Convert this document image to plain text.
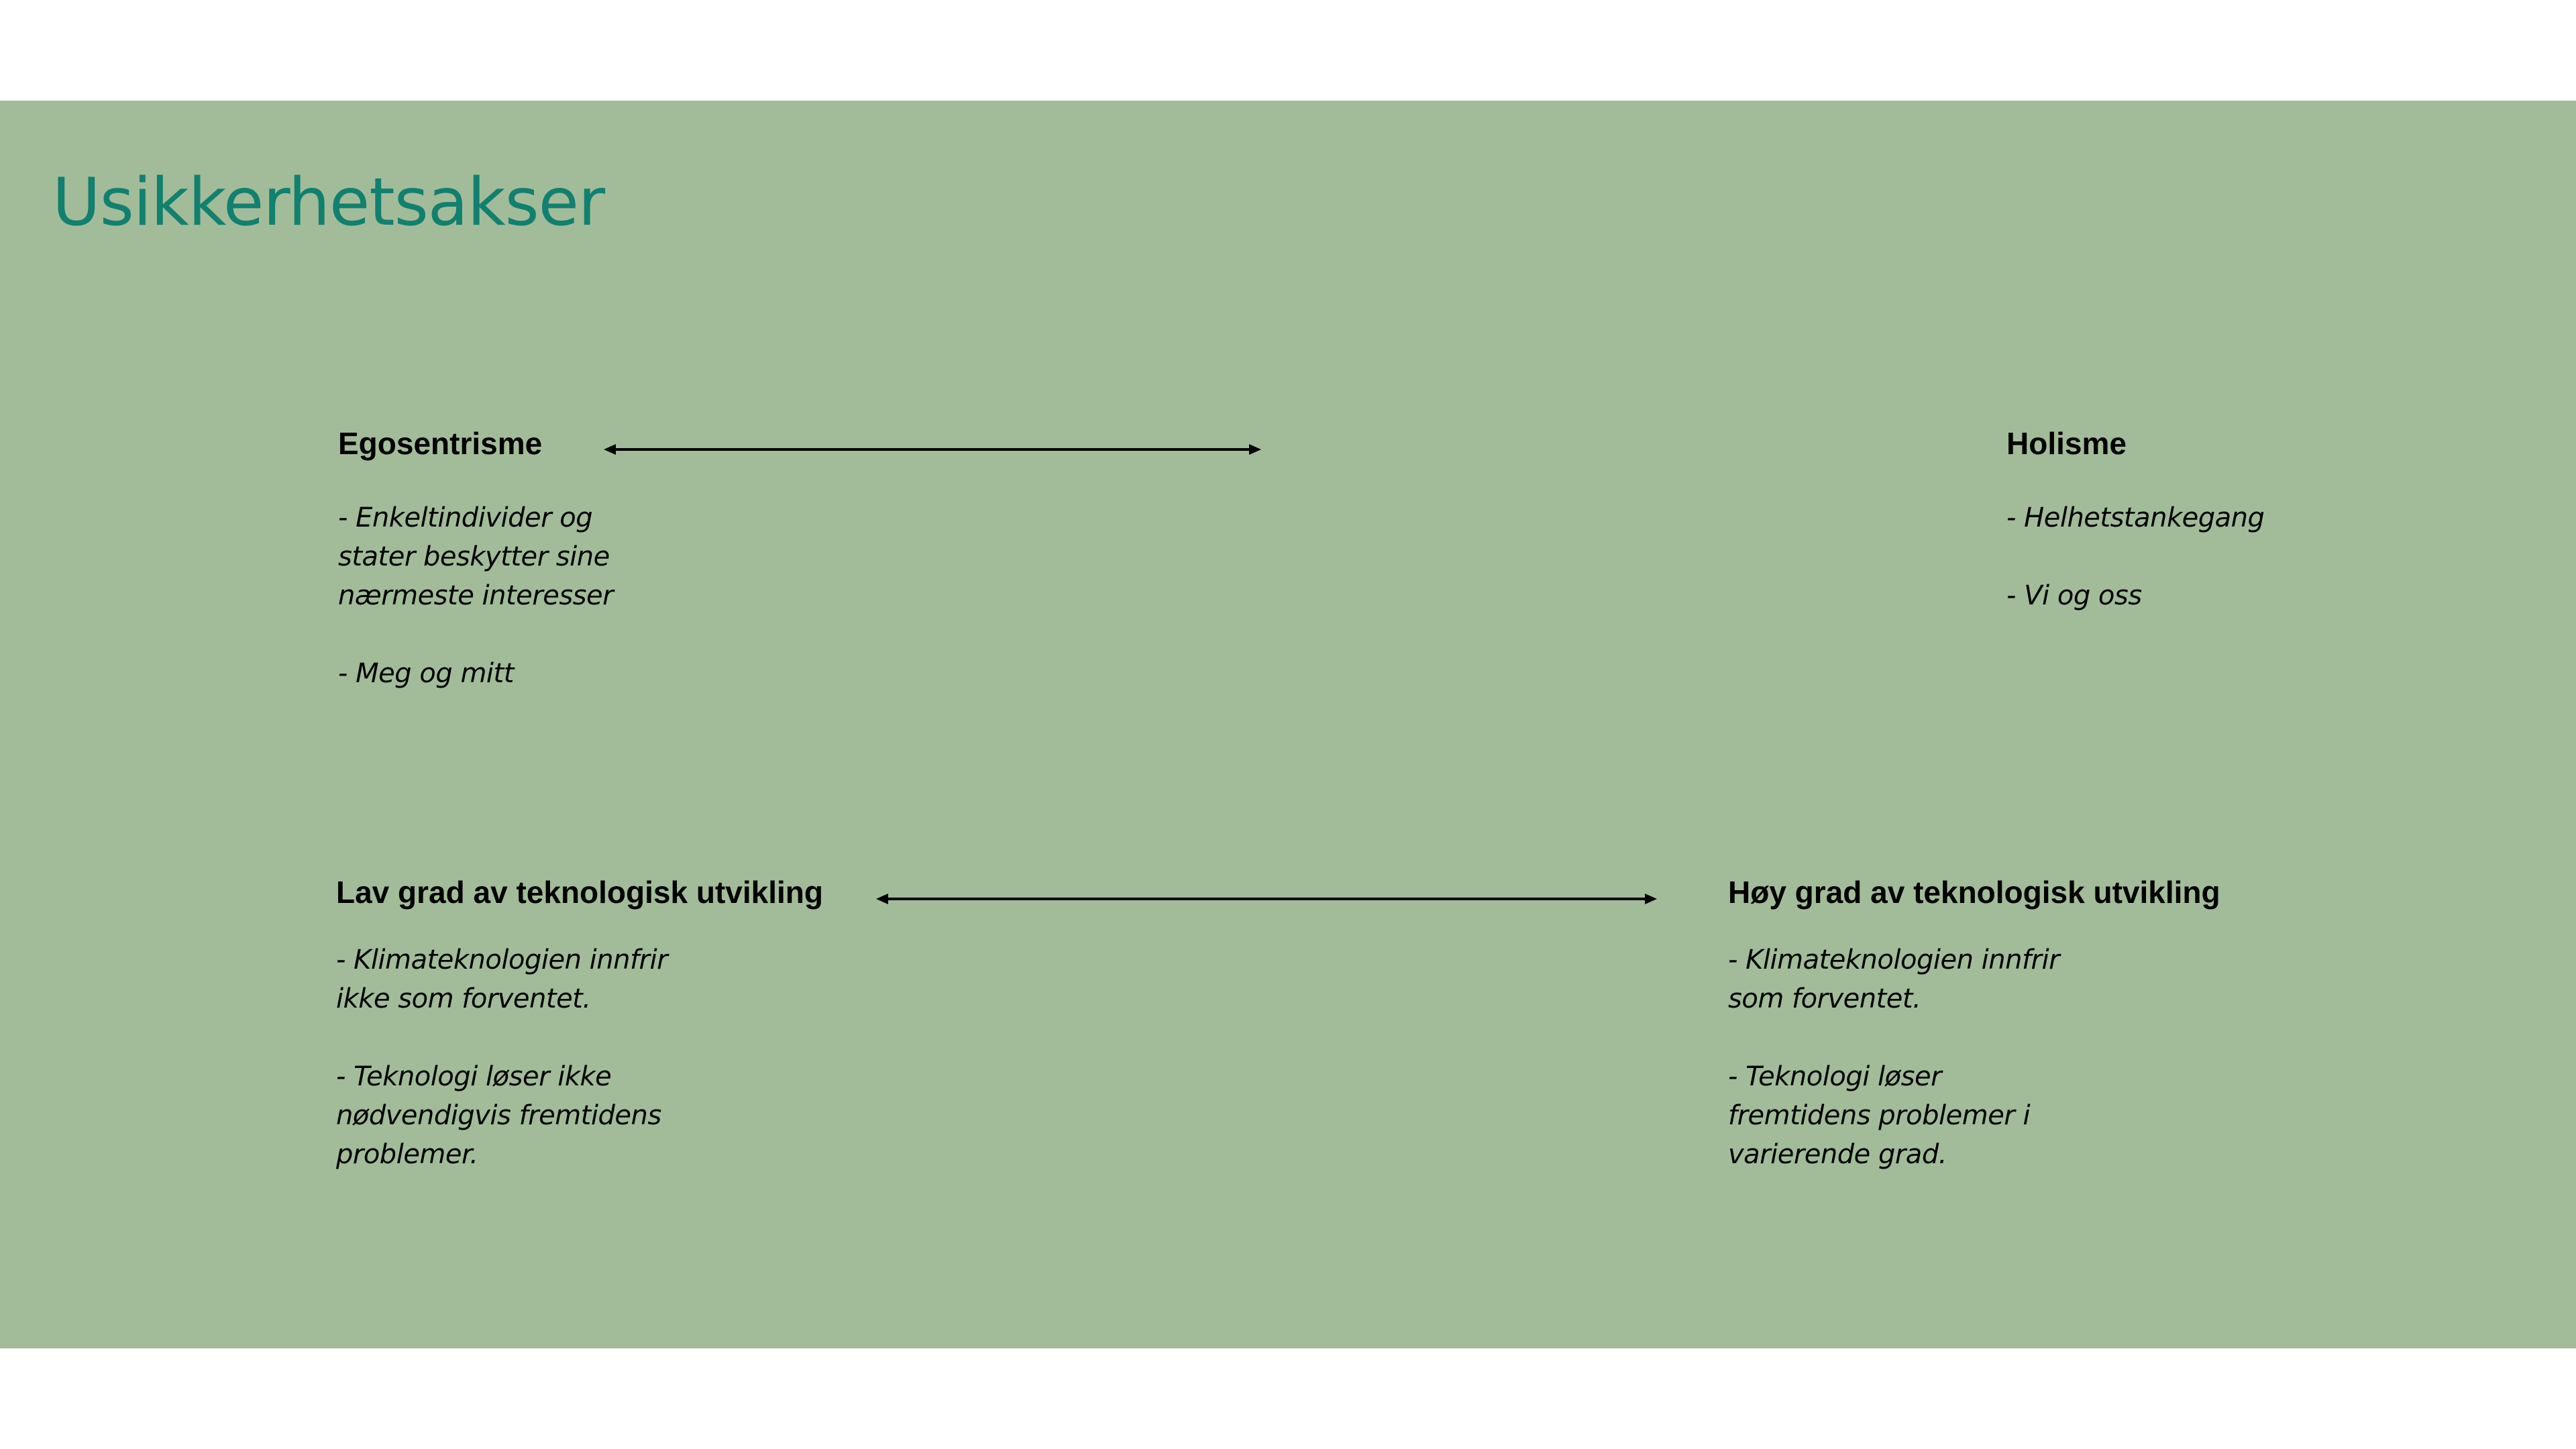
Usikkerhetsakser
Egosentrisme
- Enkeltindivider og
stater beskytter sine
nærmeste interesser
- Meg og mitt
Holisme
- Helhetstankegang
- Vi og oss
Lav grad av teknologisk utvikling
- Klimateknologien innfrir
ikke som forventet.
- Teknologi løser ikke
nødvendigvis fremtidens
problemer.
Høy grad av teknologisk utvikling
- Klimateknologien innfrir
som forventet.
- Teknologi løser
fremtidens problemer i
varierende grad.
